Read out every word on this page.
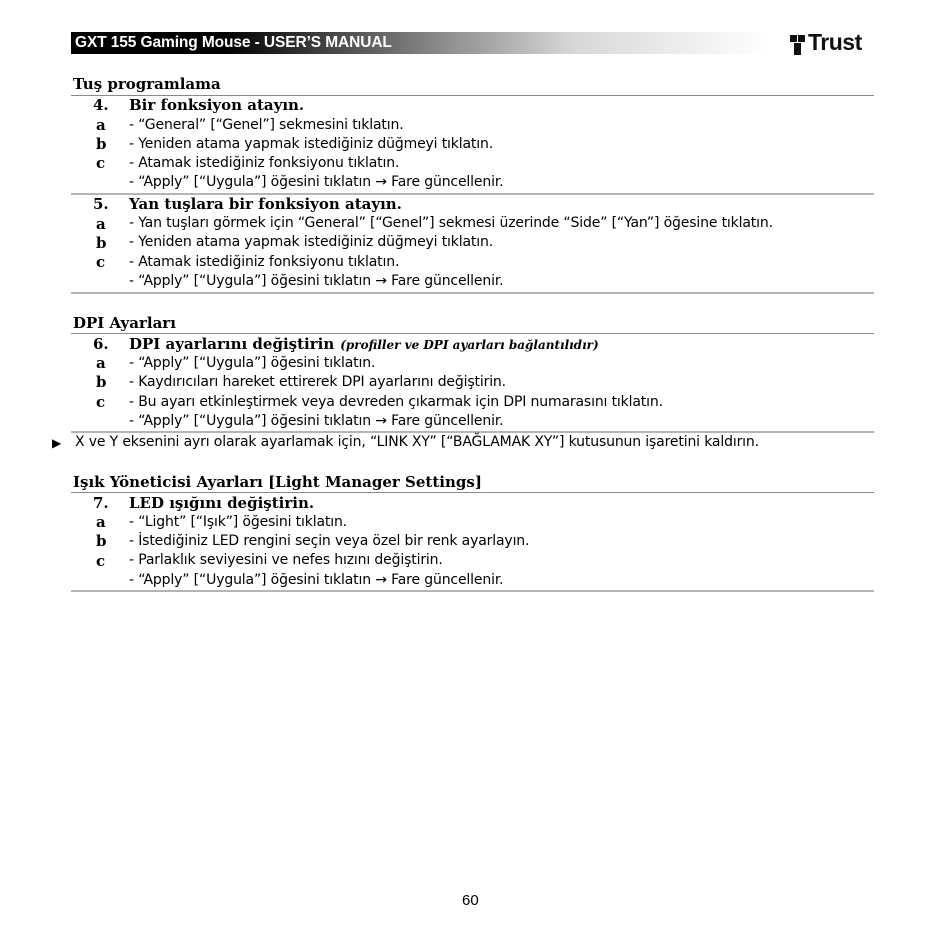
GXT 155 Gaming Mouse - USER’S MANUAL	Trust
Tuş programlama
4. Bir fonksiyon atayın.
a - “General” [“Genel”] sekmesini tıklatın.
b - Yeniden atama yapmak istediğiniz düğmeyi tıklatın.
c - Atamak istediğiniz fonksiyonu tıklatın.
- “Apply” [“Uygula”] öğesini tıklatın → Fare güncellenir.
5. Yan tuşlara bir fonksiyon atayın.
a - Yan tuşları görmek için “General” [“Genel”] sekmesi üzerinde “Side” [“Yan”] öğesine tıklatın.
b - Yeniden atama yapmak istediğiniz düğmeyi tıklatın.
c - Atamak istediğiniz fonksiyonu tıklatın.
- “Apply” [“Uygula”] öğesini tıklatın → Fare güncellenir.
DPI Ayarları
6. DPI ayarlarını değiştirin (profiller ve DPI ayarları bağlantılıdır)
a - “Apply” [“Uygula”] öğesini tıklatın.
b - Kaydırıcıları hareket ettirerek DPI ayarlarını değiştirin.
c - Bu ayarı etkinleştirmek veya devreden çıkarmak için DPI numarasını tıklatın.
- “Apply” [“Uygula”] öğesini tıklatın → Fare güncellenir.
▶ X ve Y eksenini ayrı olarak ayarlamak için, “LINK XY” [“BAĞLAMAK XY”] kutusunun işaretini kaldırın.
Işık Yöneticisi Ayarları [Light Manager Settings]
7. LED ışığını değiştirin.
a - “Light” [“Işık”] öğesini tıklatın.
b - İstediğiniz LED rengini seçin veya özel bir renk ayarlayın.
c - Parlaklık seviyesini ve nefes hızını değiştirin.
- “Apply” [“Uygula”] öğesini tıklatın → Fare güncellenir.
60
